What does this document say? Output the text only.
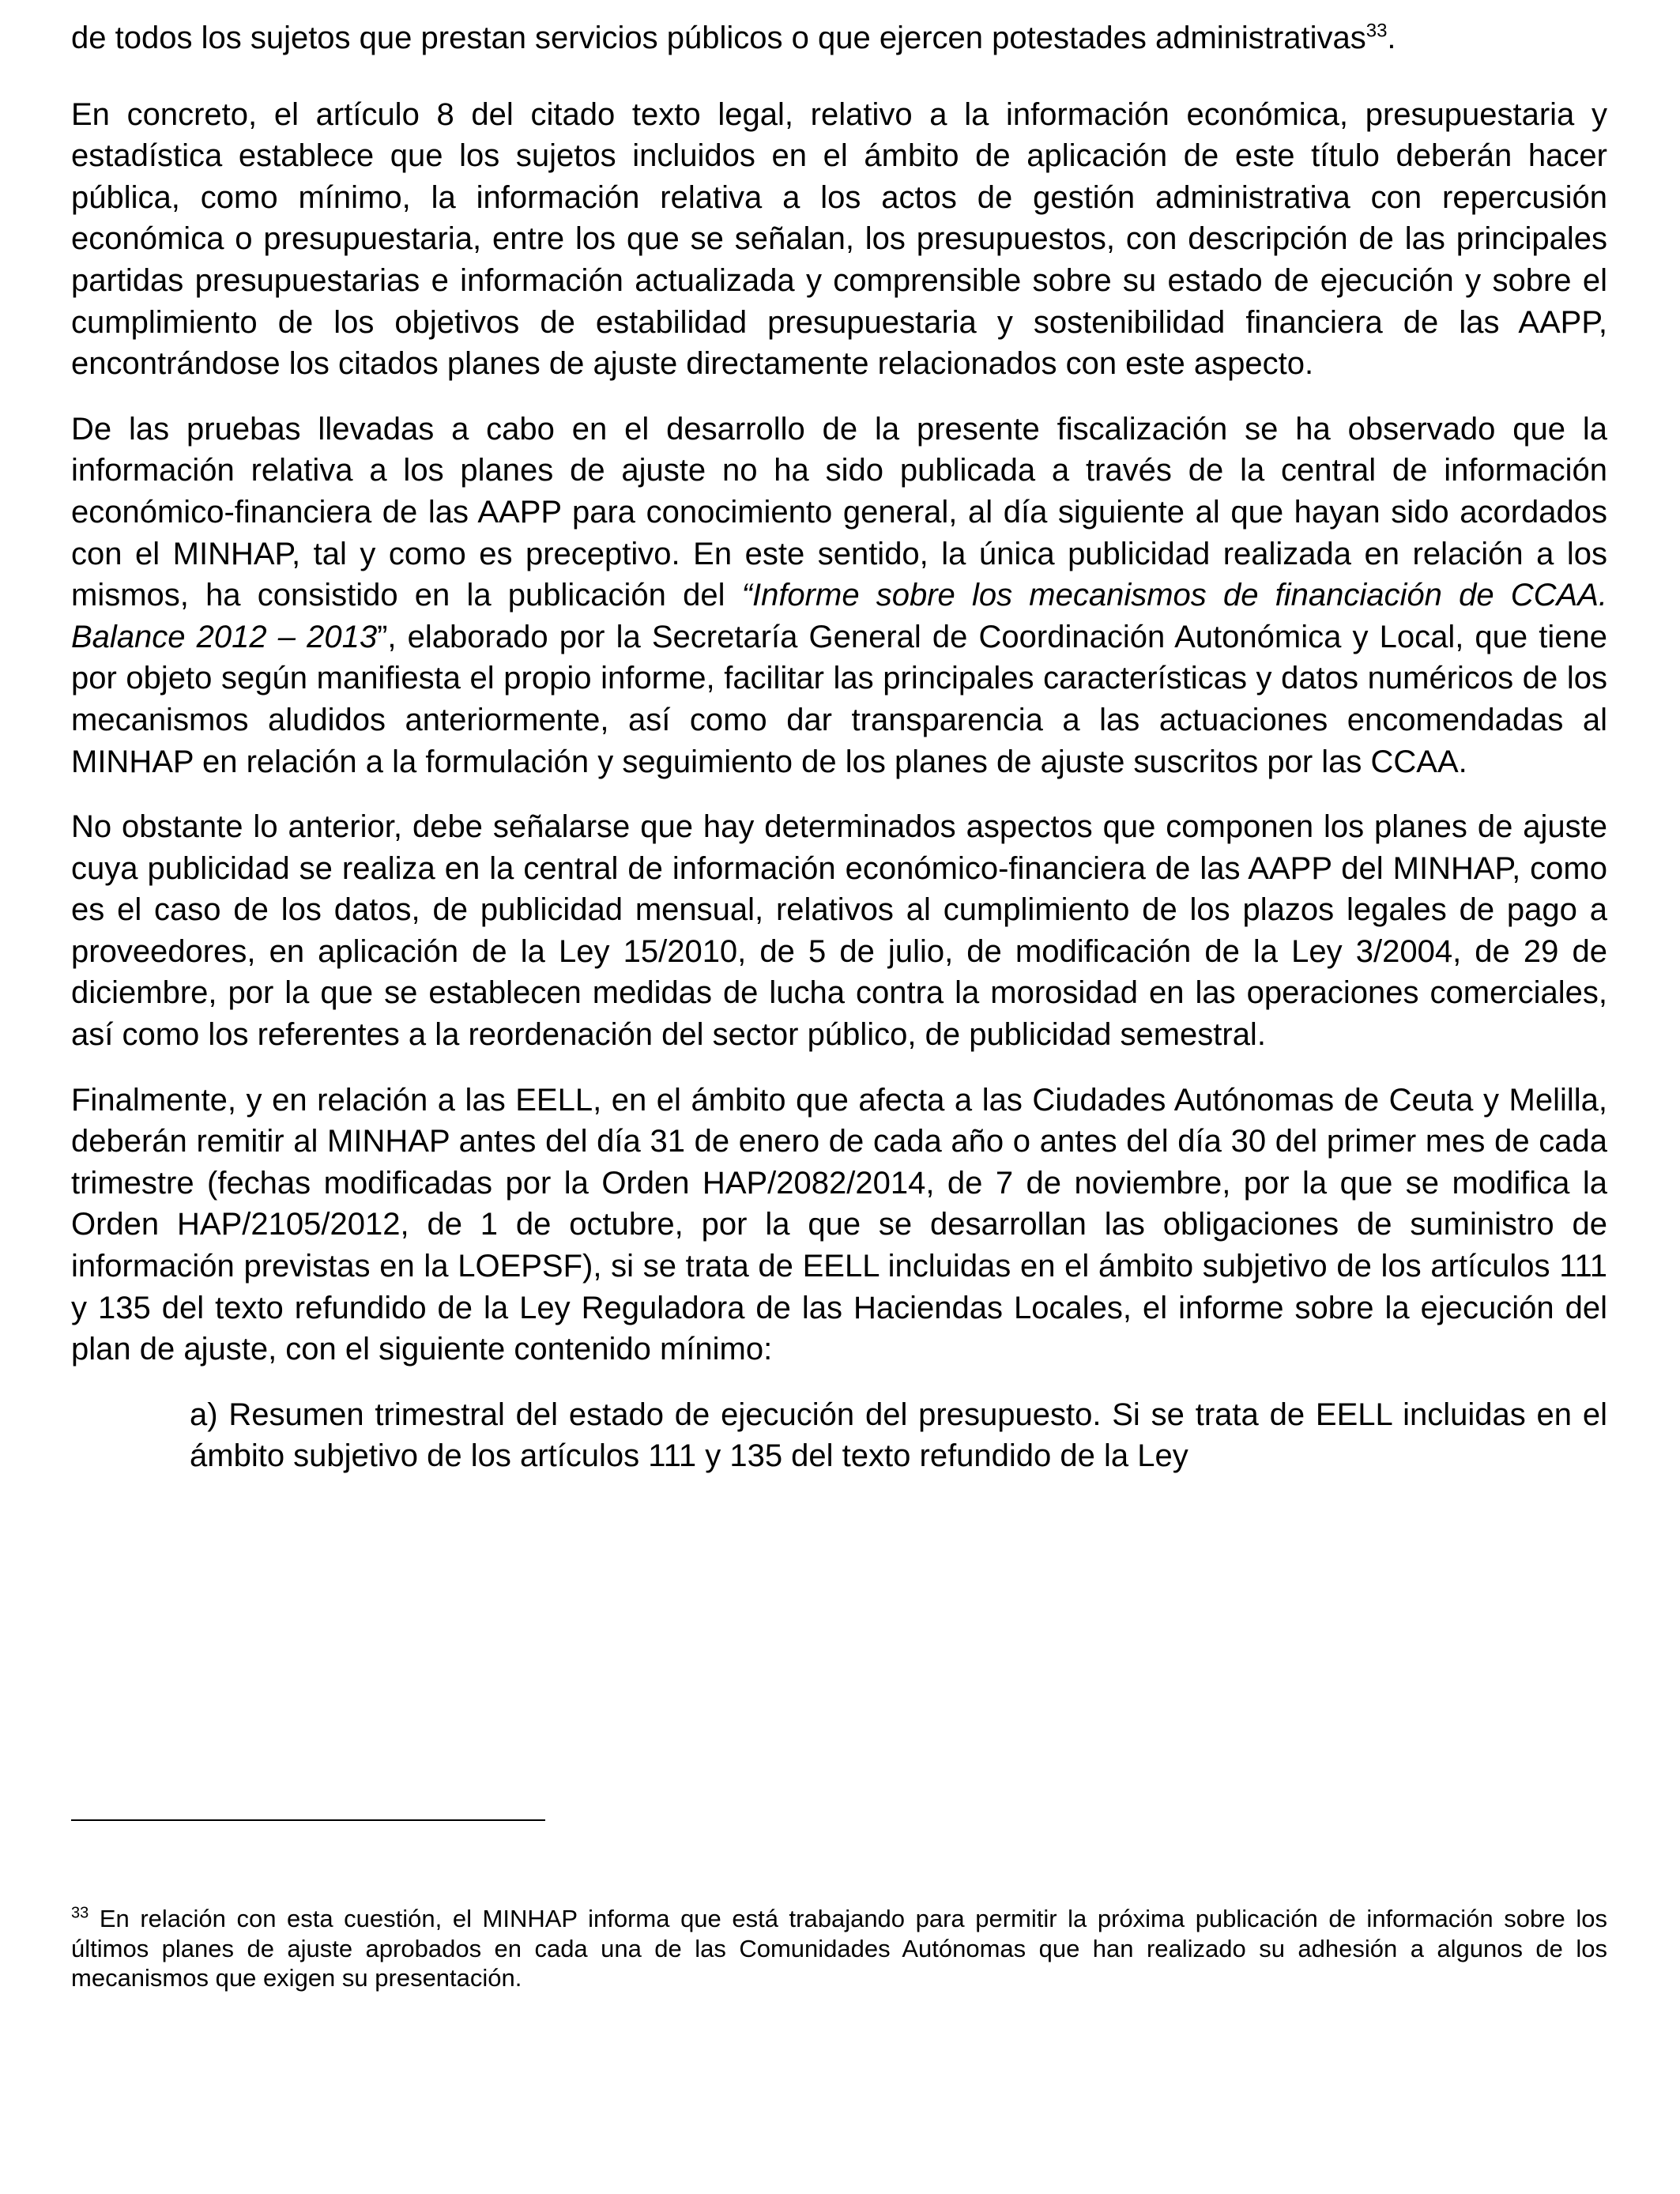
de todos los sujetos que prestan servicios públicos o que ejercen potestades administrativas$^{33}$.

En concreto, el artículo 8 del citado texto legal, relativo a la información económica, presupuestaria y estadística establece que los sujetos incluidos en el ámbito de aplicación de este título deberán hacer pública, como mínimo, la información relativa a los actos de gestión administrativa con repercusión económica o presupuestaria, entre los que se señalan, los presupuestos, con descripción de las principales partidas presupuestarias e información actualizada y comprensible sobre su estado de ejecución y sobre el cumplimiento de los objetivos de estabilidad presupuestaria y sostenibilidad financiera de las AAPP, encontrándose los citados planes de ajuste directamente relacionados con este aspecto.

De las pruebas llevadas a cabo en el desarrollo de la presente fiscalización se ha observado que la información relativa a los planes de ajuste no ha sido publicada a través de la central de información económico-financiera de las AAPP para conocimiento general, al día siguiente al que hayan sido acordados con el MINHAP, tal y como es preceptivo. En este sentido, la única publicidad realizada en relación a los mismos, ha consistido en la publicación del “Informe sobre los mecanismos de financiación de CCAA. Balance 2012 – 2013”, elaborado por la Secretaría General de Coordinación Autonómica y Local, que tiene por objeto según manifiesta el propio informe, facilitar las principales características y datos numéricos de los mecanismos aludidos anteriormente, así como dar transparencia a las actuaciones encomendadas al MINHAP en relación a la formulación y seguimiento de los planes de ajuste suscritos por las CCAA.

No obstante lo anterior, debe señalarse que hay determinados aspectos que componen los planes de ajuste cuya publicidad se realiza en la central de información económico-financiera de las AAPP del MINHAP, como es el caso de los datos, de publicidad mensual, relativos al cumplimiento de los plazos legales de pago a proveedores, en aplicación de la Ley 15/2010, de 5 de julio, de modificación de la Ley 3/2004, de 29 de diciembre, por la que se establecen medidas de lucha contra la morosidad en las operaciones comerciales, así como los referentes a la reordenación del sector público, de publicidad semestral.

Finalmente, y en relación a las EELL, en el ámbito que afecta a las Ciudades Autónomas de Ceuta y Melilla, deberán remitir al MINHAP antes del día 31 de enero de cada año o antes del día 30 del primer mes de cada trimestre (fechas modificadas por la Orden HAP/2082/2014, de 7 de noviembre, por la que se modifica la Orden HAP/2105/2012, de 1 de octubre, por la que se desarrollan las obligaciones de suministro de información previstas en la LOEPSF), si se trata de EELL incluidas en el ámbito subjetivo de los artículos 111 y 135 del texto refundido de la Ley Reguladora de las Haciendas Locales, el informe sobre la ejecución del plan de ajuste, con el siguiente contenido mínimo:

a) Resumen trimestral del estado de ejecución del presupuesto. Si se trata de EELL incluidas en el ámbito subjetivo de los artículos 111 y 135 del texto refundido de la Ley

$^{33}$ En relación con esta cuestión, el MINHAP informa que está trabajando para permitir la próxima publicación de información sobre los últimos planes de ajuste aprobados en cada una de las Comunidades Autónomas que han realizado su adhesión a algunos de los mecanismos que exigen su presentación.
